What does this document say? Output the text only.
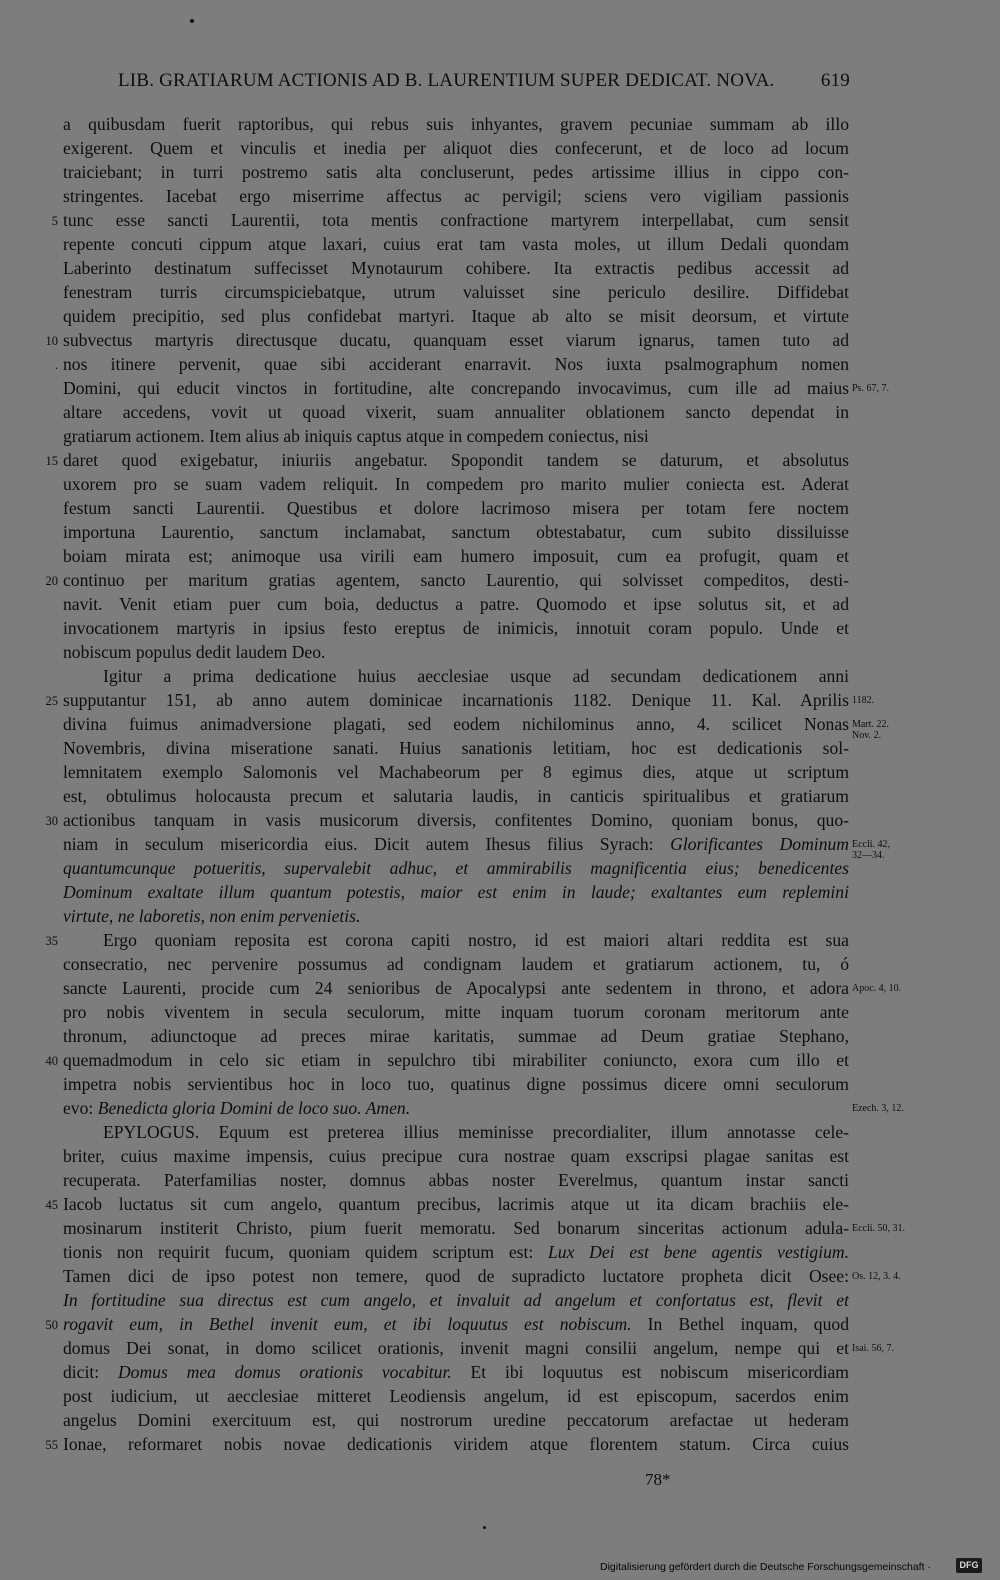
LIB. GRATIARUM ACTIONIS AD B. LAURENTIUM SUPER DEDICAT. NOVA. 619
a quibusdam fuerit raptoribus, qui rebus suis inhyantes, gravem pecuniae summam ab illo
exigerent. Quem et vinculis et inedia per aliquot dies confecerunt, et de loco ad locum
traiciebant; in turri postremo satis alta concluserunt, pedes artissime illius in cippo con-
stringentes. Iacebat ergo miserrime affectus ac pervigil; sciens vero vigiliam passionis
5 tunc esse sancti Laurentii, tota mentis confractione martyrem interpellabat, cum sensit
repente concuti cippum atque laxari, cuius erat tam vasta moles, ut illum Dedali quondam
Laberinto destinatum suffecisset Mynotaurum cohibere. Ita extractis pedibus accessit ad
fenestram turris circumspiciebatque, utrum valuisset sine periculo desilire. Diffidebat
quidem precipitio, sed plus confidebat martyri. Itaque ab alto se misit deorsum, et virtute
10 subvectus martyris directusque ducatu, quanquam esset viarum ignarus, tamen tuto ad
. nos itinere pervenit, quae sibi acciderant enarravit. Nos iuxta psalmographum nomen
Domini, qui educit vinctos in fortitudine, alte concrepando invocavimus, cum ille ad maius
altare accedens, vovit ut quoad vixerit, suam annualiter oblationem sancto dependat in
gratiarum actionem. Item alius ab iniquis captus atque in compedem coniectus, nisi
15 daret quod exigebatur, iniuriis angebatur. Spopondit tandem se daturum, et absolutus
uxorem pro se suam vadem reliquit. In compedem pro marito mulier coniecta est. Aderat
festum sancti Laurentii. Questibus et dolore lacrimoso misera per totam fere noctem
importuna Laurentio, sanctum inclamabat, sanctum obtestabatur, cum subito dissiluisse
boiam mirata est; animoque usa virili eam humero imposuit, cum ea profugit, quam et
20 continuo per maritum gratias agentem, sancto Laurentio, qui solvisset compeditos, desti-
navit. Venit etiam puer cum boia, deductus a patre. Quomodo et ipse solutus sit, et ad
invocationem martyris in ipsius festo ereptus de inimicis, innotuit coram populo. Unde et
nobiscum populus dedit laudem Deo.
Igitur a prima dedicatione huius aecclesiae usque ad secundam dedicationem anni
25 supputantur 151, ab anno autem dominicae incarnationis 1182. Denique 11. Kal. Aprilis
divina fuimus animadversione plagati, sed eodem nichilominus anno, 4. scilicet Nonas
Novembris, divina miseratione sanati. Huius sanationis letitiam, hoc est dedicationis sol-
lemnitatem exemplo Salomonis vel Machabeorum per 8 egimus dies, atque ut scriptum
est, obtulimus holocausta precum et salutaria laudis, in canticis spiritualibus et gratiarum
30 actionibus tanquam in vasis musicorum diversis, confitentes Domino, quoniam bonus, quo-
niam in seculum misericordia eius. Dicit autem Ihesus filius Syrach: Glorificantes Dominum
quantumcunque potueritis, supervalebit adhuc, et ammirabilis magnificentia eius; benedicentes
Dominum exaltate illum quantum potestis, maior est enim in laude; exaltantes eum replemini
virtute, ne laboretis, non enim pervenietis.
35	Ergo quoniam reposita est corona capiti nostro, id est maiori altari reddita est sua
consecratio, nec pervenire possumus ad condignam laudem et gratiarum actionem, tu, ó
sancte Laurenti, procide cum 24 senioribus de Apocalypsi ante sedentem in throno, et adora
pro nobis viventem in secula seculorum, mitte inquam tuorum coronam meritorum ante
thronum, adiunctoque ad preces mirae karitatis, summae ad Deum gratiae Stephano,
40 quemadmodum in celo sic etiam in sepulchro tibi mirabiliter coniuncto, exora cum illo et
impetra nobis servientibus hoc in loco tuo, quatinus digne possimus dicere omni seculorum
evo: Benedicta gloria Domini de loco suo. Amen.
EPYLOGUS. Equum est preterea illius meminisse precordialiter, illum annotasse cele-
briter, cuius maxime impensis, cuius precipue cura nostrae quam exscripsi plagae sanitas est
recuperata. Paterfamilias noster, domnus abbas noster Everelmus, quantum instar sancti
45 Iacob luctatus sit cum angelo, quantum precibus, lacrimis atque ut ita dicam brachiis ele-
mosinarum institerit Christo, pium fuerit memoratu. Sed bonarum sinceritas actionum adula-
tionis non requirit fucum, quoniam quidem scriptum est: Lux Dei est bene agentis vestigium.
Tamen dici de ipso potest non temere, quod de supradicto luctatore propheta dicit Osee:
In fortitudine sua directus est cum angelo, et invaluit ad angelum et confortatus est, flevit et
50 rogavit eum, in Bethel invenit eum, et ibi loquutus est nobiscum. In Bethel inquam, quod
domus Dei sonat, in domo scilicet orationis, invenit magni consilii angelum, nempe qui et
dicit: Domus mea domus orationis vocabitur. Et ibi loquutus est nobiscum misericordiam
post iudicium, ut aecclesiae mitteret Leodiensis angelum, id est episcopum, sacerdos enim
angelus Domini exercituum est, qui nostrorum uredine peccatorum arefactae ut hederam
55 Ionae, reformaret nobis novae dedicationis viridem atque florentem statum. Circa cuius
78*
Digitalisierung gefördert durch die Deutsche Forschungsgemeinschaft ·	DFG
Ps. 67, 7.
1182.
Mart. 22.
Nov. 2.
Eccli. 42,
32—34.
Apoc. 4, 10.
Ezech. 3, 12.
Eccli. 50, 31.
Os. 12, 3. 4.
Isai. 56, 7.
